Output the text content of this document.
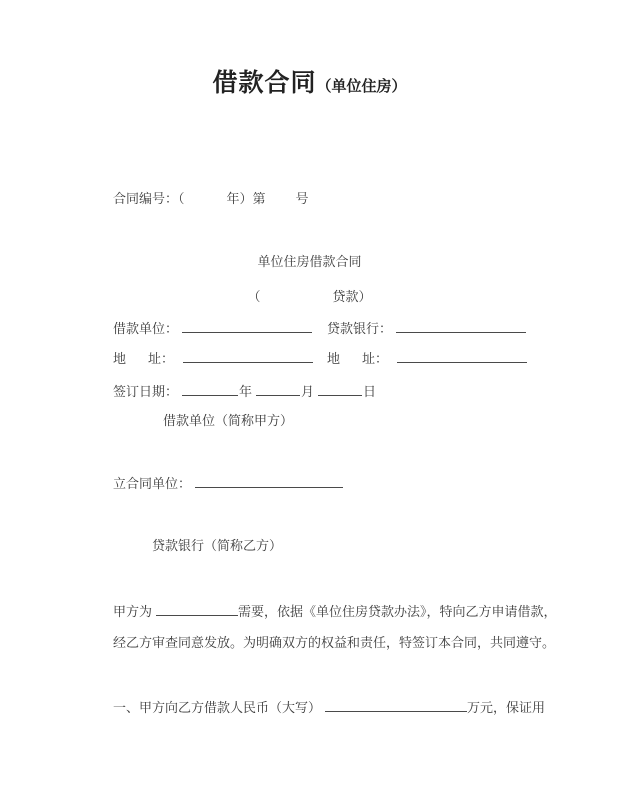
借款合同（单位住房）
合同编号：（	年）第 号
单位住房借款合同
（	贷款）
借款单位：	贷款银行：
地 址：	地 址：
签订日期：	年	月	日
借款单位（简称甲方）
立合同单位：
贷款银行（简称乙方）
甲方为	需要，依据《单位住房贷款办法》，特向乙方申请借款，
经乙方审查同意发放。为明确双方的权益和责任，特签订本合同，共同遵守。
一、甲方向乙方借款人民币（大写）	万元，保证用
